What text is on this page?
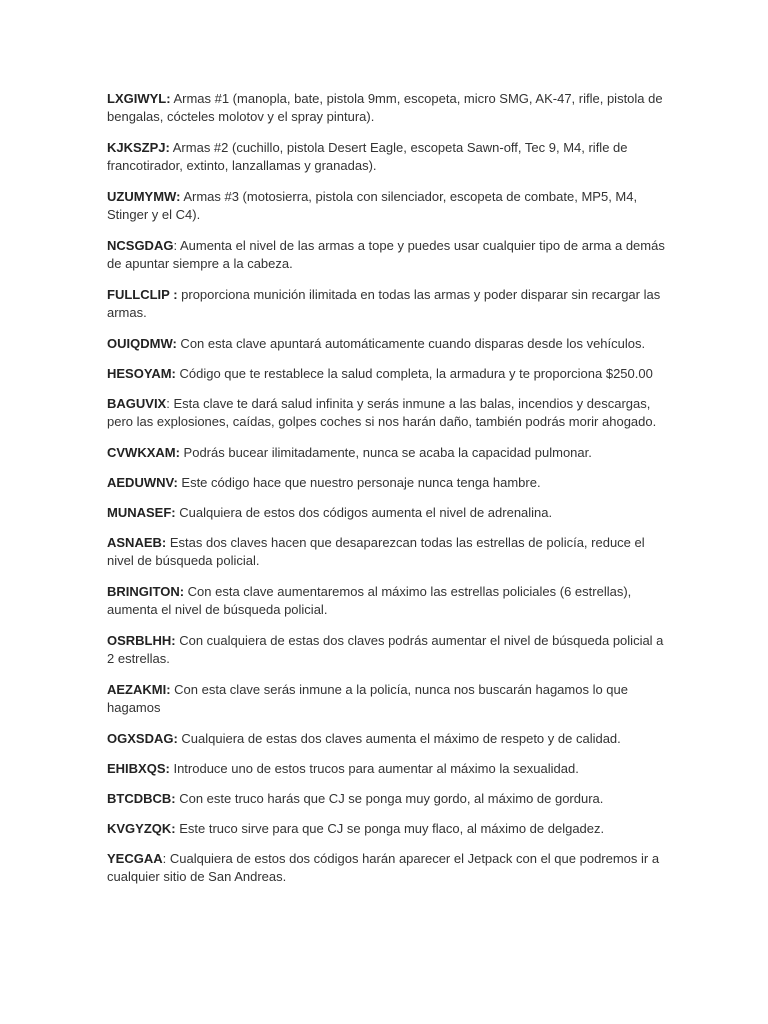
LXGIWYL: Armas #1 (manopla, bate, pistola 9mm, escopeta, micro SMG, AK-47, rifle, pistola de bengalas, cócteles molotov y el spray pintura).

KJKSZPJ: Armas #2 (cuchillo, pistola Desert Eagle, escopeta Sawn-off, Tec 9, M4, rifle de francotirador, extinto, lanzallamas y granadas).

UZUMYMW: Armas #3 (motosierra, pistola con silenciador, escopeta de combate, MP5, M4, Stinger y el C4).

NCSGDAG: Aumenta el nivel de las armas a tope y puedes usar cualquier tipo de arma a demás de apuntar siempre a la cabeza.

FULLCLIP : proporciona munición ilimitada en todas las armas y poder disparar sin recargar las armas.

OUIQDMW: Con esta clave apuntará automáticamente cuando disparas desde los vehículos.

HESOYAM: Código que te restablece la salud completa, la armadura y te proporciona $250.00

BAGUVIX: Esta clave te dará salud infinita y serás inmune a las balas, incendios y descargas, pero las explosiones, caídas, golpes coches si nos harán daño, también podrás morir ahogado.

CVWKXAM: Podrás bucear ilimitadamente, nunca se acaba la capacidad pulmonar.

AEDUWNV: Este código hace que nuestro personaje nunca tenga hambre.

MUNASEF: Cualquiera de estos dos códigos aumenta el nivel de adrenalina.

ASNAEB: Estas dos claves hacen que desaparezcan todas las estrellas de policía, reduce el nivel de búsqueda policial.

BRINGITON: Con esta clave aumentaremos al máximo las estrellas policiales (6 estrellas), aumenta el nivel de búsqueda policial.

OSRBLHH: Con cualquiera de estas dos claves podrás aumentar el nivel de búsqueda policial a 2 estrellas.

AEZAKMI: Con esta clave serás inmune a la policía, nunca nos buscarán hagamos lo que hagamos

OGXSDAG: Cualquiera de estas dos claves aumenta el máximo de respeto y de calidad.

EHIBXQS: Introduce uno de estos trucos para aumentar al máximo la sexualidad.

BTCDBCB: Con este truco harás que CJ se ponga muy gordo, al máximo de gordura.

KVGYZQK: Este truco sirve para que CJ se ponga muy flaco, al máximo de delgadez.

YECGAA: Cualquiera de estos dos códigos harán aparecer el Jetpack con el que podremos ir a cualquier sitio de San Andreas.
